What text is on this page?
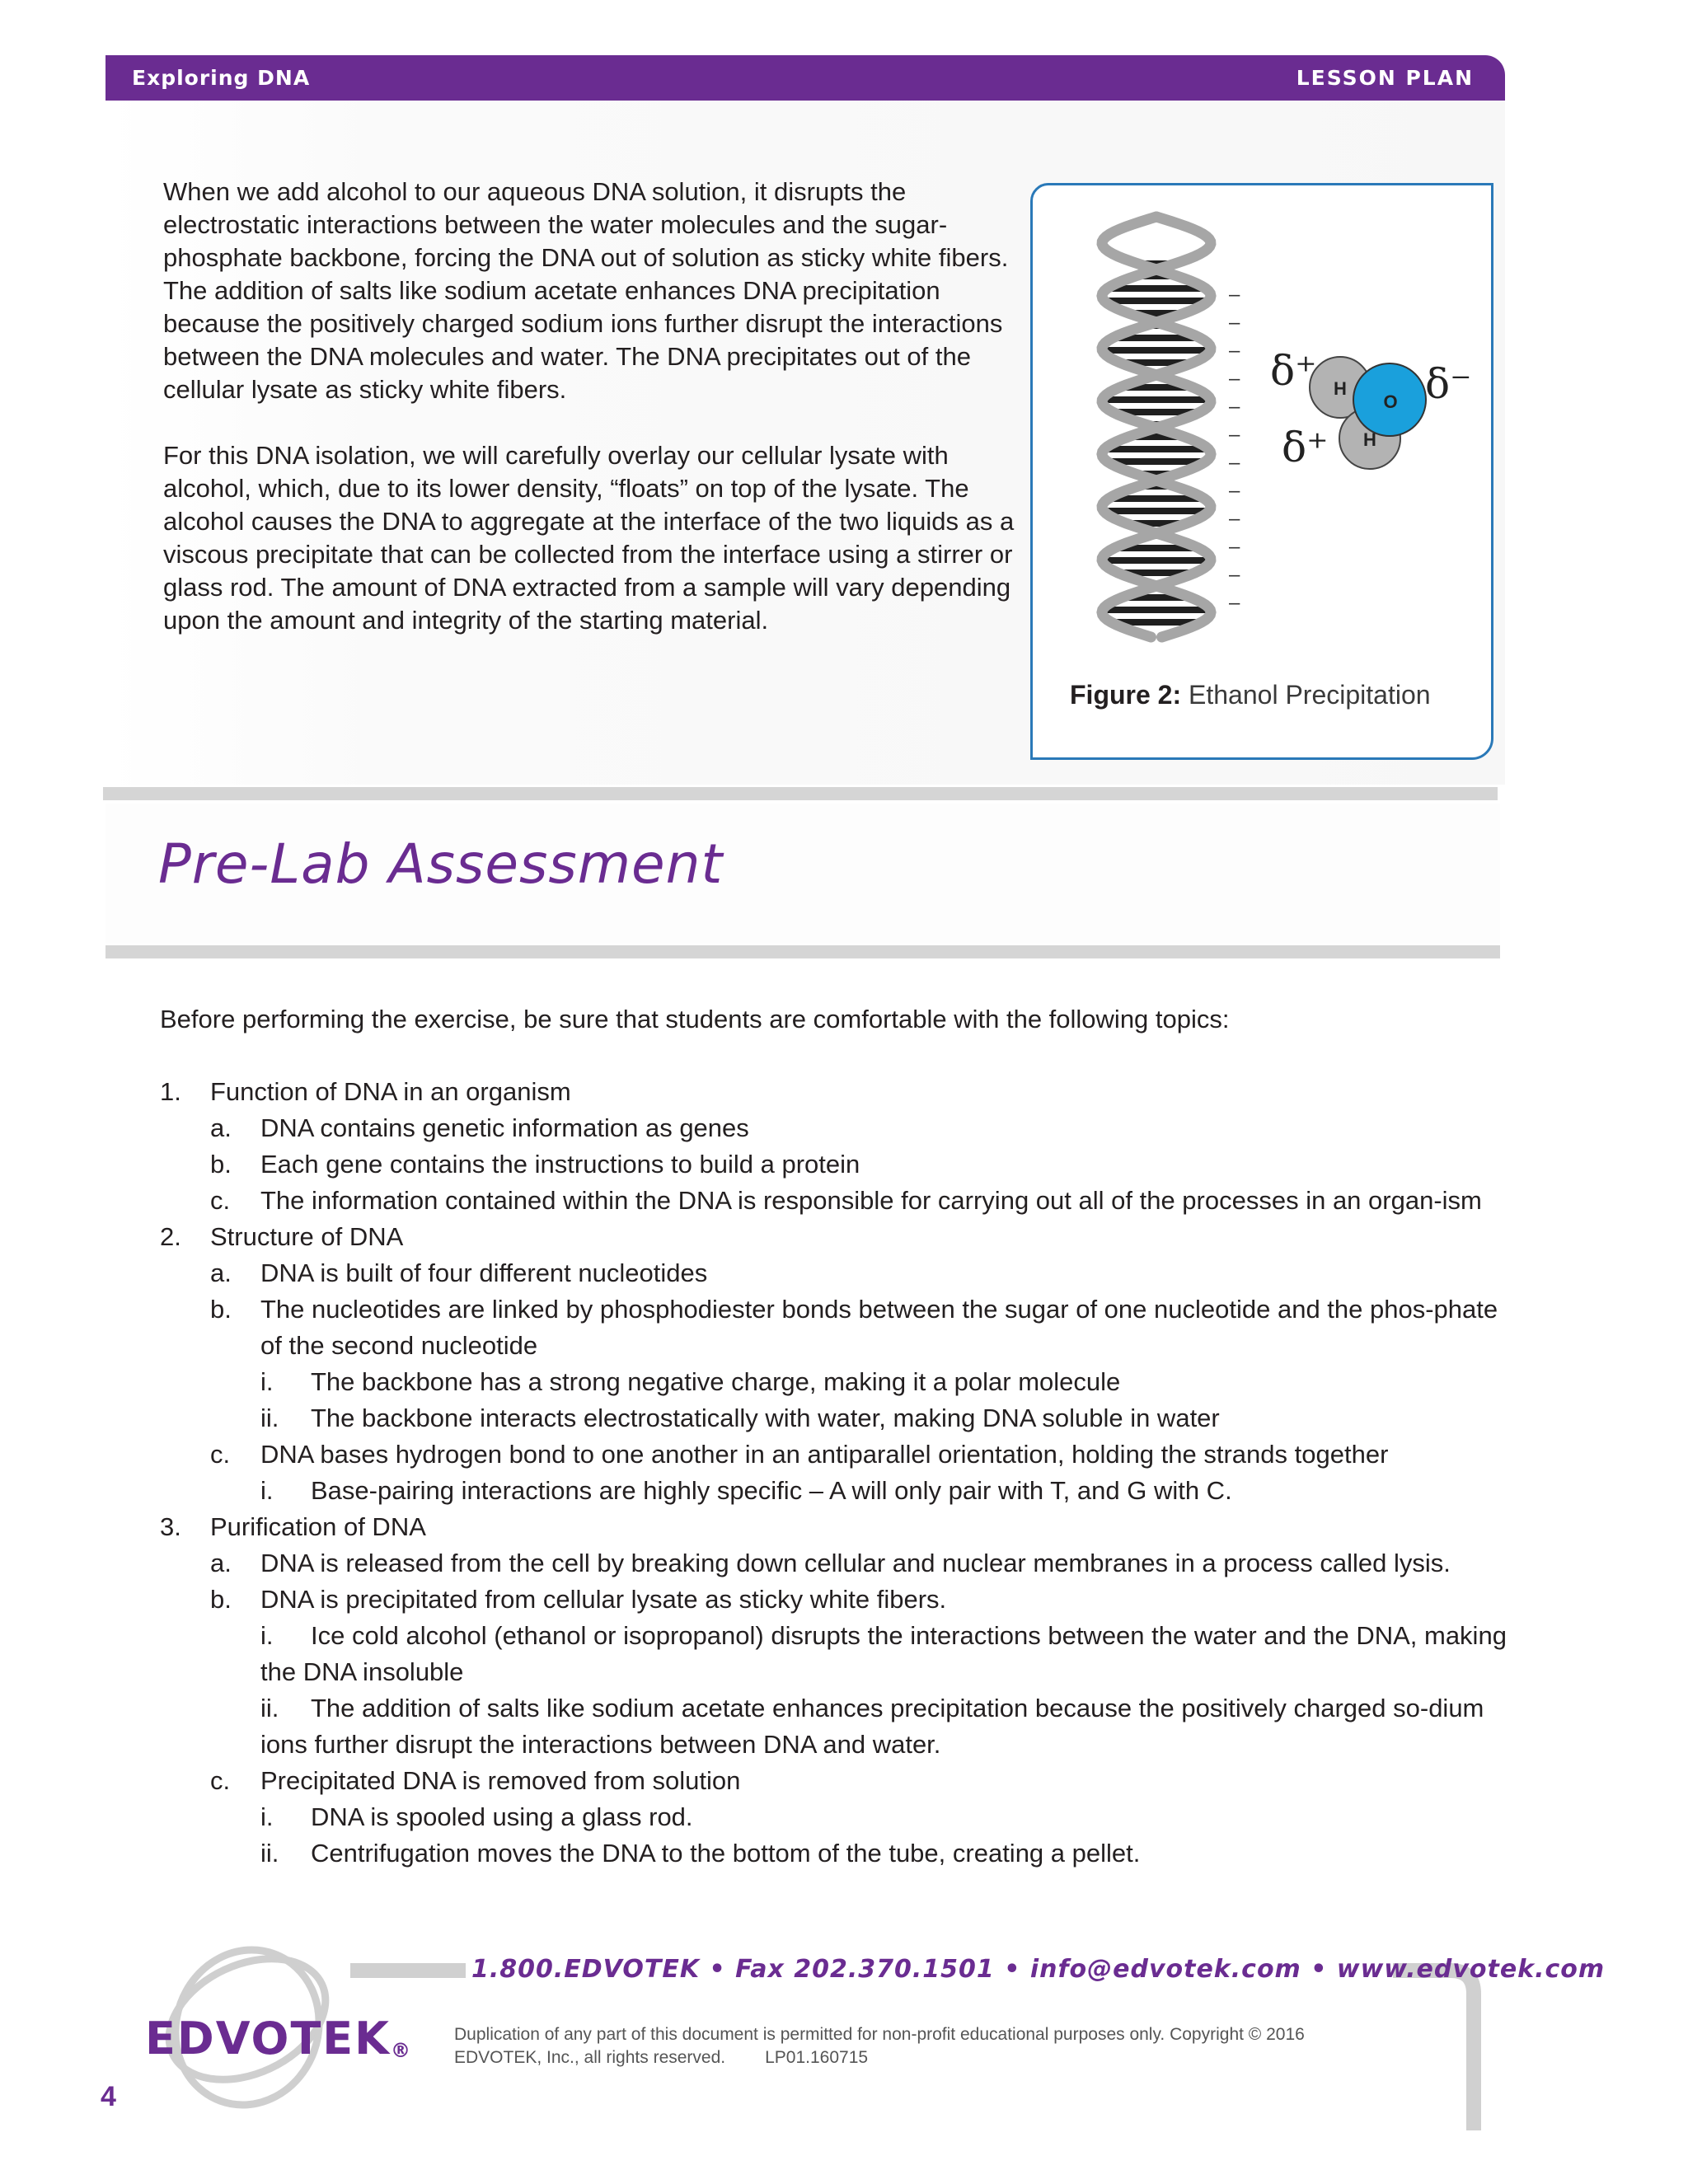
Exploring DNA	LESSON PLAN

When we add alcohol to our aqueous DNA solution, it disrupts the electrostatic interactions between the water molecules and the sugar-phosphate backbone, forcing the DNA out of solution as sticky white fibers. The addition of salts like sodium acetate enhances DNA precipitation because the positively charged sodium ions further disrupt the interactions between the DNA molecules and water. The DNA precipitates out of the cellular lysate as sticky white fibers.

For this DNA isolation, we will carefully overlay our cellular lysate with alcohol, which, due to its lower density, “floats” on top of the lysate. The alcohol causes the DNA to aggregate at the interface of the two liquids as a viscous precipitate that can be collected from the interface using a stirrer or glass rod. The amount of DNA extracted from a sample will vary depending upon the amount and integrity of the starting material.

–
–
–
–
–
–
–
–
–
–
–
–
H
H
O
δ⁺
δ⁺
δ⁻
Figure 2: Ethanol Precipitation
Pre-Lab Assessment
Before performing the exercise, be sure that students are comfortable with the following topics:
1. Function of DNA in an organism
a. DNA contains genetic information as genes
b. Each gene contains the instructions to build a protein
c. The information contained within the DNA is responsible for carrying out all of the processes in an organ-ism
2. Structure of DNA
a. DNA is built of four different nucleotides
b. The nucleotides are linked by phosphodiester bonds between the sugar of one nucleotide and the phos-phate of the second nucleotide
i. The backbone has a strong negative charge, making it a polar molecule
ii. The backbone interacts electrostatically with water, making DNA soluble in water
c. DNA bases hydrogen bond to one another in an antiparallel orientation, holding the strands together
i. Base-pairing interactions are highly specific – A will only pair with T, and G with C.
3. Purification of DNA
a. DNA is released from the cell by breaking down cellular and nuclear membranes in a process called lysis.
b. DNA is precipitated from cellular lysate as sticky white fibers.
i. Ice cold alcohol (ethanol or isopropanol) disrupts the interactions between the water and the DNA, making the DNA insoluble
ii. The addition of salts like sodium acetate enhances precipitation because the positively charged so-dium ions further disrupt the interactions between DNA and water.
c. Precipitated DNA is removed from solution
i. DNA is spooled using a glass rod.
ii. Centrifugation moves the DNA to the bottom of the tube, creating a pellet.
1.800.EDVOTEK • Fax 202.370.1501 • info@edvotek.com • www.edvotek.com
Duplication of any part of this document is permitted for non-profit educational purposes only. Copyright © 2016
EDVOTEK, Inc., all rights reserved. LP01.160715
EDVOTEK®
4
